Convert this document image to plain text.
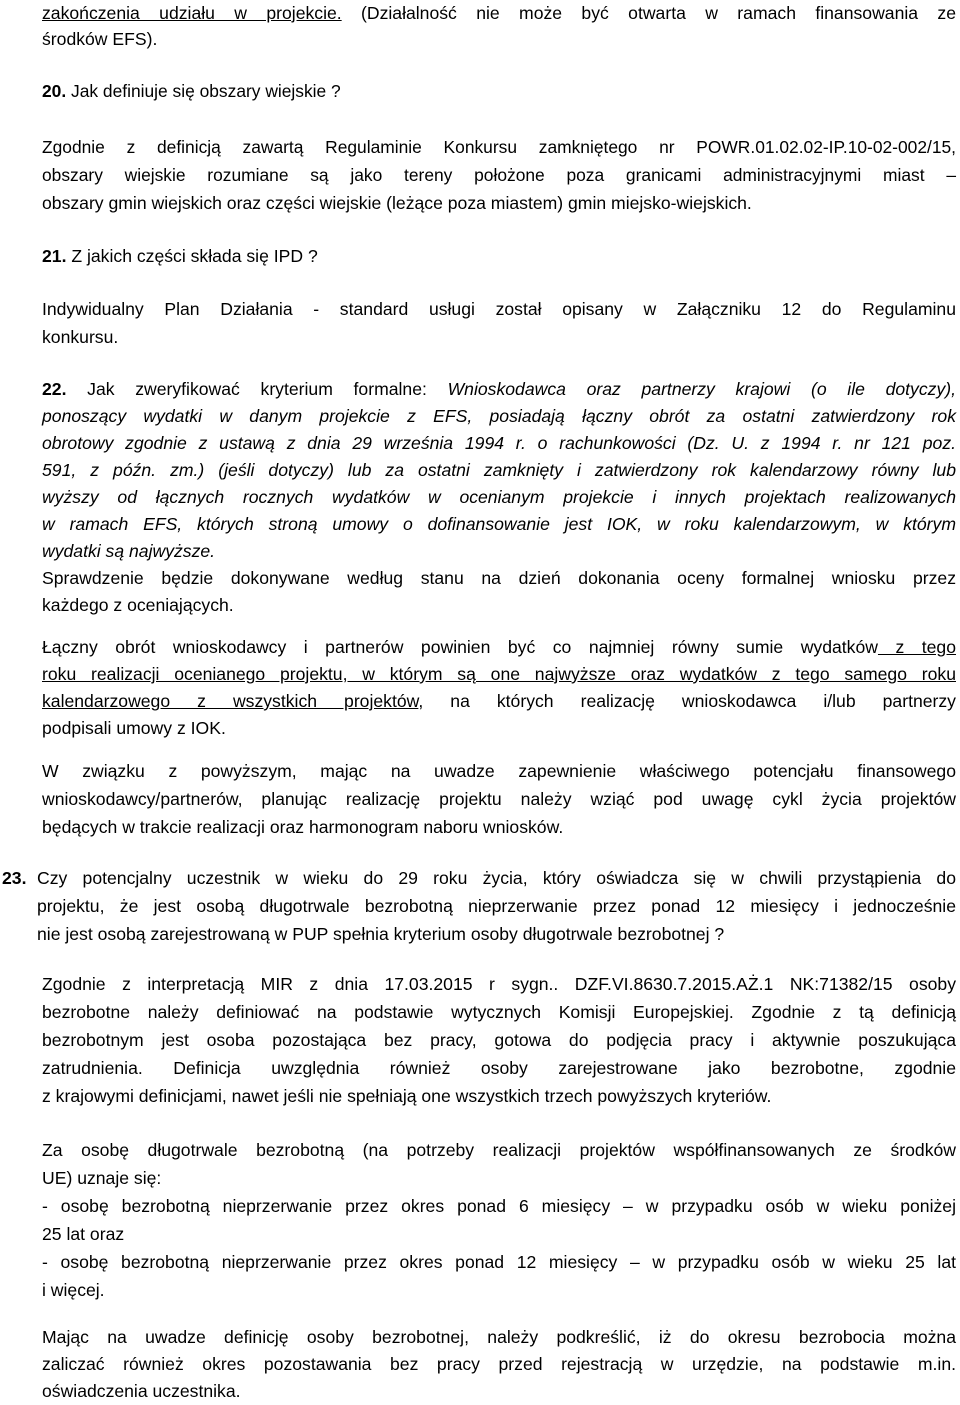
zakończenia udziału w projekcie. (Działalność nie może być otwarta w ramach finansowania ze
środków EFS).
20. Jak definiuje się obszary wiejskie ?
Zgodnie z definicją zawartą Regulaminie Konkursu zamkniętego nr POWR.01.02.02-IP.10-02-002/15,
obszary wiejskie rozumiane są jako tereny położone poza granicami administracyjnymi miast –
obszary gmin wiejskich oraz części wiejskie (leżące poza miastem) gmin miejsko-wiejskich.
21. Z jakich części składa się IPD ?
Indywidualny Plan Działania - standard usługi został opisany w Załączniku 12 do Regulaminu
konkursu.
22. Jak zweryfikować kryterium formalne: Wnioskodawca oraz partnerzy krajowi (o ile dotyczy),
ponoszący wydatki w danym projekcie z EFS, posiadają łączny obrót za ostatni zatwierdzony rok
obrotowy zgodnie z ustawą z dnia 29 września 1994 r. o rachunkowości (Dz. U. z 1994 r. nr 121 poz.
591, z późn. zm.) (jeśli dotyczy) lub za ostatni zamknięty i zatwierdzony rok kalendarzowy równy lub
wyższy od łącznych rocznych wydatków w ocenianym projekcie i innych projektach realizowanych
w ramach EFS, których stroną umowy o dofinansowanie jest IOK, w roku kalendarzowym, w którym
wydatki są najwyższe.
Sprawdzenie będzie dokonywane według stanu na dzień dokonania oceny formalnej wniosku przez
każdego z oceniających.
Łączny obrót wnioskodawcy i partnerów powinien być co najmniej równy sumie wydatków z tego
roku realizacji ocenianego projektu, w którym są one najwyższe oraz wydatków z tego samego roku
kalendarzowego z wszystkich projektów, na których realizację wnioskodawca i/lub partnerzy
podpisali umowy z IOK.
W związku z powyższym, mając na uwadze zapewnienie właściwego potencjału finansowego
wnioskodawcy/partnerów, planując realizację projektu należy wziąć pod uwagę cykl życia projektów
będących w trakcie realizacji oraz harmonogram naboru wniosków.
23. Czy potencjalny uczestnik w wieku do 29 roku życia, który oświadcza się w chwili przystąpienia do
projektu, że jest osobą długotrwale bezrobotną nieprzerwanie przez ponad 12 miesięcy i jednocześnie
nie jest osobą zarejestrowaną w PUP spełnia kryterium osoby długotrwale bezrobotnej ?
Zgodnie z interpretacją MIR z dnia 17.03.2015 r sygn.. DZF.VI.8630.7.2015.AŻ.1 NK:71382/15 osoby
bezrobotne należy definiować na podstawie wytycznych Komisji Europejskiej. Zgodnie z tą definicją
bezrobotnym jest osoba pozostająca bez pracy, gotowa do podjęcia pracy i aktywnie poszukująca
zatrudnienia. Definicja uwzględnia również osoby zarejestrowane jako bezrobotne, zgodnie
z krajowymi definicjami, nawet jeśli nie spełniają one wszystkich trzech powyższych kryteriów.
Za osobę długotrwale bezrobotną (na potrzeby realizacji projektów współfinansowanych ze środków
UE) uznaje się:
- osobę bezrobotną nieprzerwanie przez okres ponad 6 miesięcy – w przypadku osób w wieku poniżej
25 lat oraz
- osobę bezrobotną nieprzerwanie przez okres ponad 12 miesięcy – w przypadku osób w wieku 25 lat
i więcej.
Mając na uwadze definicję osoby bezrobotnej, należy podkreślić, iż do okresu bezrobocia można
zaliczać również okres pozostawania bez pracy przed rejestracją w urzędzie, na podstawie m.in.
oświadczenia uczestnika.
